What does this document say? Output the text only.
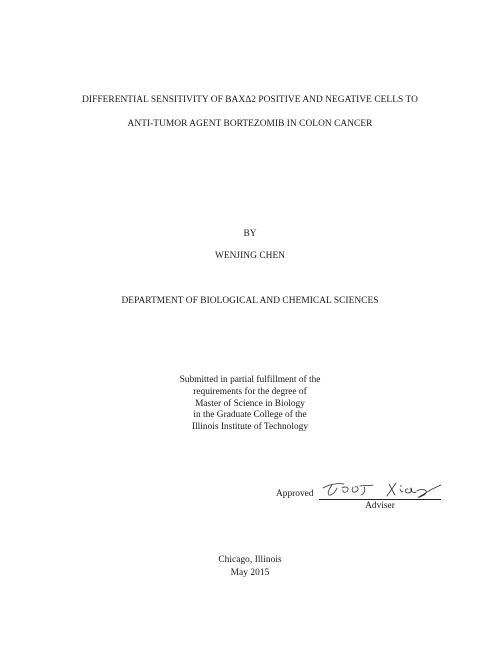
DIFFERENTIAL SENSITIVITY OF BAXΔ2 POSITIVE AND NEGATIVE CELLS TO
ANTI-TUMOR AGENT BORTEZOMIB IN COLON CANCER
BY
WENJING CHEN
DEPARTMENT OF BIOLOGICAL AND CHEMICAL SCIENCES
Submitted in partial fulfillment of the
requirements for the degree of
Master of Science in Biology
in the Graduate College of the
Illinois Institute of Technology
Approved
Adviser
Chicago, Illinois
May 2015
